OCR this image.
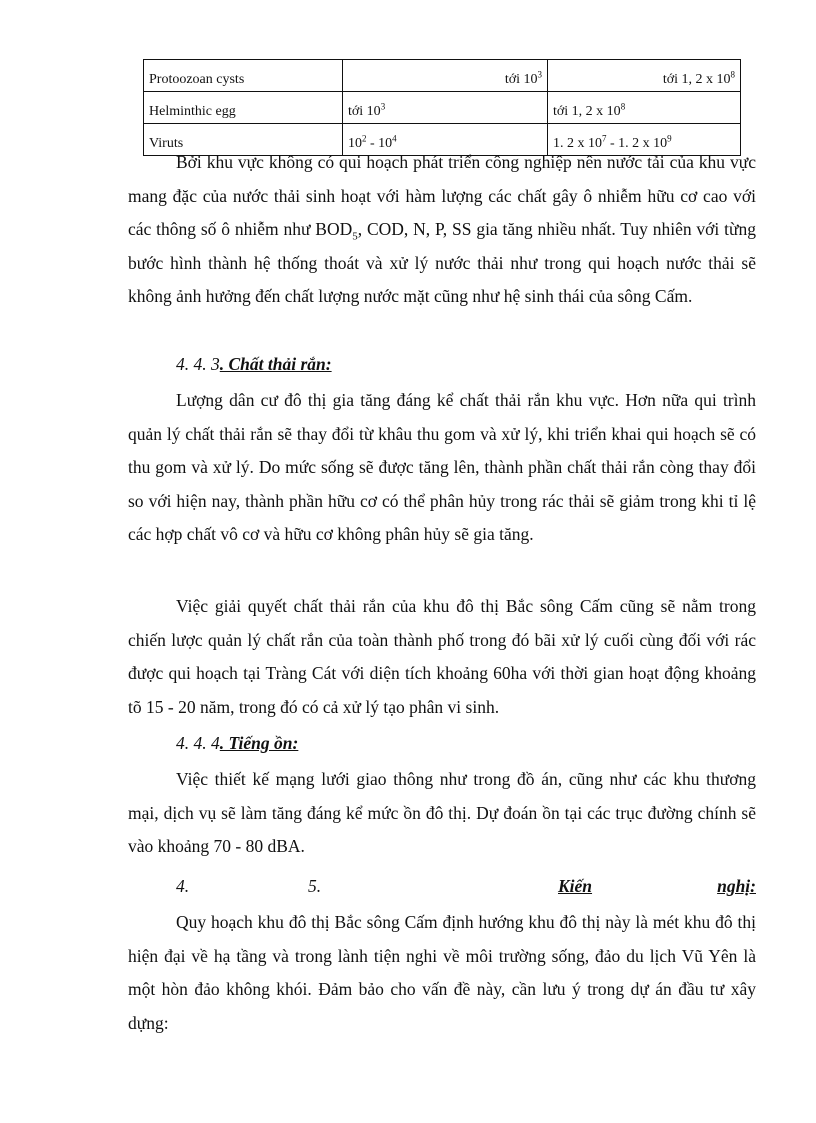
Protoozoan cysts	tới $10^3$	tới 1, 2 x $10^8$
Helminthic egg	tới $10^3$	tới 1, 2 x $10^8$
Viruts	$10^2 - 10^4$	1. 2 x $10^7 - 1$. 2 x $10^9$
Bởi khu vực không có qui hoạch phát triển công nghiệp nên nước tải của khu vực mang đặc của nước thải sinh hoạt với hàm lượng các chất gây ô nhiễm hữu cơ cao với các thông số ô nhiễm như $BOD_5$, COD, N, P, SS gia tăng nhiều nhất. Tuy nhiên với từng bước hình thành hệ thống thoát và xử lý nước thải như trong qui hoạch nước thải sẽ không ảnh hưởng đến chất lượng nước mặt cũng như hệ sinh thái của sông Cấm.
4. 4. 3. Chất thải rắn:
Lượng dân cư đô thị gia tăng đáng kể chất thải rắn khu vực. Hơn nữa qui trình quản lý chất thải rắn sẽ thay đổi từ khâu thu gom và xử lý, khi triển khai qui hoạch sẽ có thu gom và xử lý. Do mức sống sẽ được tăng lên, thành phần chất thải rắn còng thay đổi so với hiện nay, thành phần hữu cơ có thể phân hủy trong rác thải sẽ giảm trong khi tỉ lệ các hợp chất vô cơ và hữu cơ không phân hủy sẽ gia tăng.
Việc giải quyết chất thải rắn của khu đô thị Bắc sông Cấm cũng sẽ nằm trong chiến lược quản lý chất rắn của toàn thành phố trong đó bãi xử lý cuối cùng đối với rác được qui hoạch tại Tràng Cát với diện tích khoảng 60ha với thời gian hoạt động khoảng tõ 15 - 20 năm, trong đó có cả xử lý tạo phân vi sinh.
4. 4. 4. Tiếng ồn:
Việc thiết kế mạng lưới giao thông như trong đồ án, cũng như các khu thương mại, dịch vụ sẽ làm tăng đáng kể mức ồn đô thị. Dự đoán ồn tại các trục đường chính sẽ vào khoảng 70 - 80 dBA.
4.	5.	Kiến	nghị:
Quy hoạch khu đô thị Bắc sông Cấm định hướng khu đô thị này là mét khu đô thị hiện đại về hạ tầng và trong lành tiện nghi về môi trường sống, đảo du lịch Vũ Yên là một hòn đảo không khói. Đảm bảo cho vấn đề này, cần lưu ý trong dự án đầu tư xây dựng:
